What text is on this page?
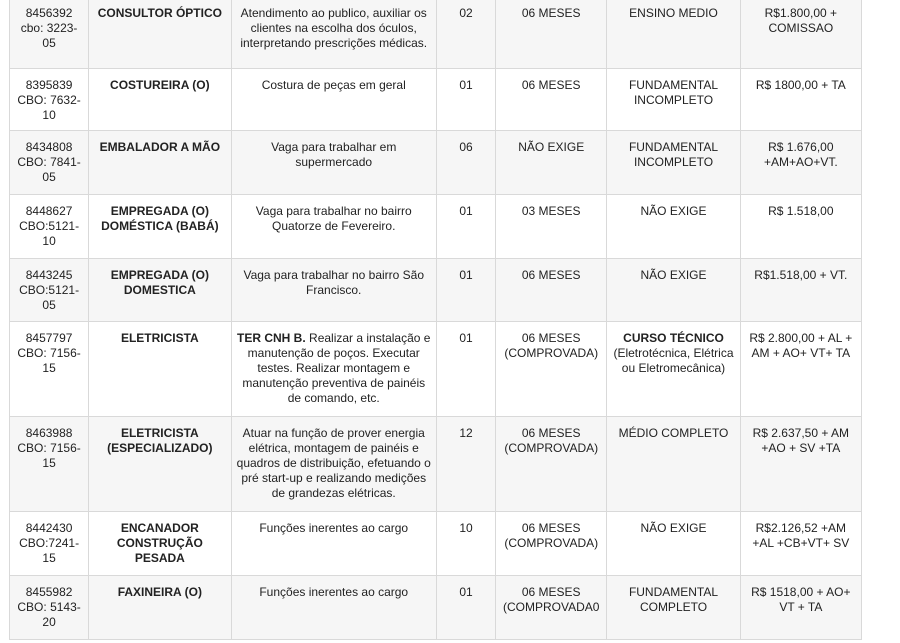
8456392 cbo: 3223-05	CONSULTOR ÓPTICO	Atendimento ao publico, auxiliar os clientes na escolha dos óculos, interpretando prescrições médicas.	02	06 MESES	ENSINO MEDIO	R$1.800,00 + COMISSAO
8395839 CBO: 7632-10	COSTUREIRA (O)	Costura de peças em geral	01	06 MESES	FUNDAMENTAL INCOMPLETO	R$ 1800,00 + TA
8434808 CBO: 7841-05	EMBALADOR A MÃO	Vaga para trabalhar em supermercado	06	NÃO EXIGE	FUNDAMENTAL INCOMPLETO	R$ 1.676,00 +AM+AO+VT.
8448627 CBO:5121-10	EMPREGADA (O) DOMÉSTICA (BABÁ)	Vaga para trabalhar no bairro Quatorze de Fevereiro.	01	03 MESES	NÃO EXIGE	R$ 1.518,00
8443245 CBO:5121-05	EMPREGADA (O) DOMESTICA	Vaga para trabalhar no bairro São Francisco.	01	06 MESES	NÃO EXIGE	R$1.518,00 + VT.
8457797 CBO: 7156-15	ELETRICISTA	TER CNH B. Realizar a instalação e manutenção de poços. Executar testes. Realizar montagem e manutenção preventiva de painéis de comando, etc.	01	06 MESES (COMPROVADA)	CURSO TÉCNICO (Eletrotécnica, Elétrica ou Eletromecânica)	R$ 2.800,00 + AL + AM + AO+ VT+ TA
8463988 CBO: 7156-15	ELETRICISTA (ESPECIALIZADO)	Atuar na função de prover energia elétrica, montagem de painéis e quadros de distribuição, efetuando o pré start-up e realizando medições de grandezas elétricas.	12	06 MESES (COMPROVADA)	MÉDIO COMPLETO	R$ 2.637,50 + AM +AO + SV +TA
8442430 CBO:7241-15	ENCANADOR CONSTRUÇÃO PESADA	Funções inerentes ao cargo	10	06 MESES (COMPROVADA)	NÃO EXIGE	R$2.126,52 +AM +AL +CB+VT+ SV
8455982 CBO: 5143-20	FAXINEIRA (O)	Funções inerentes ao cargo	01	06 MESES (COMPROVADA0	FUNDAMENTAL COMPLETO	R$ 1518,00 + AO+ VT + TA
